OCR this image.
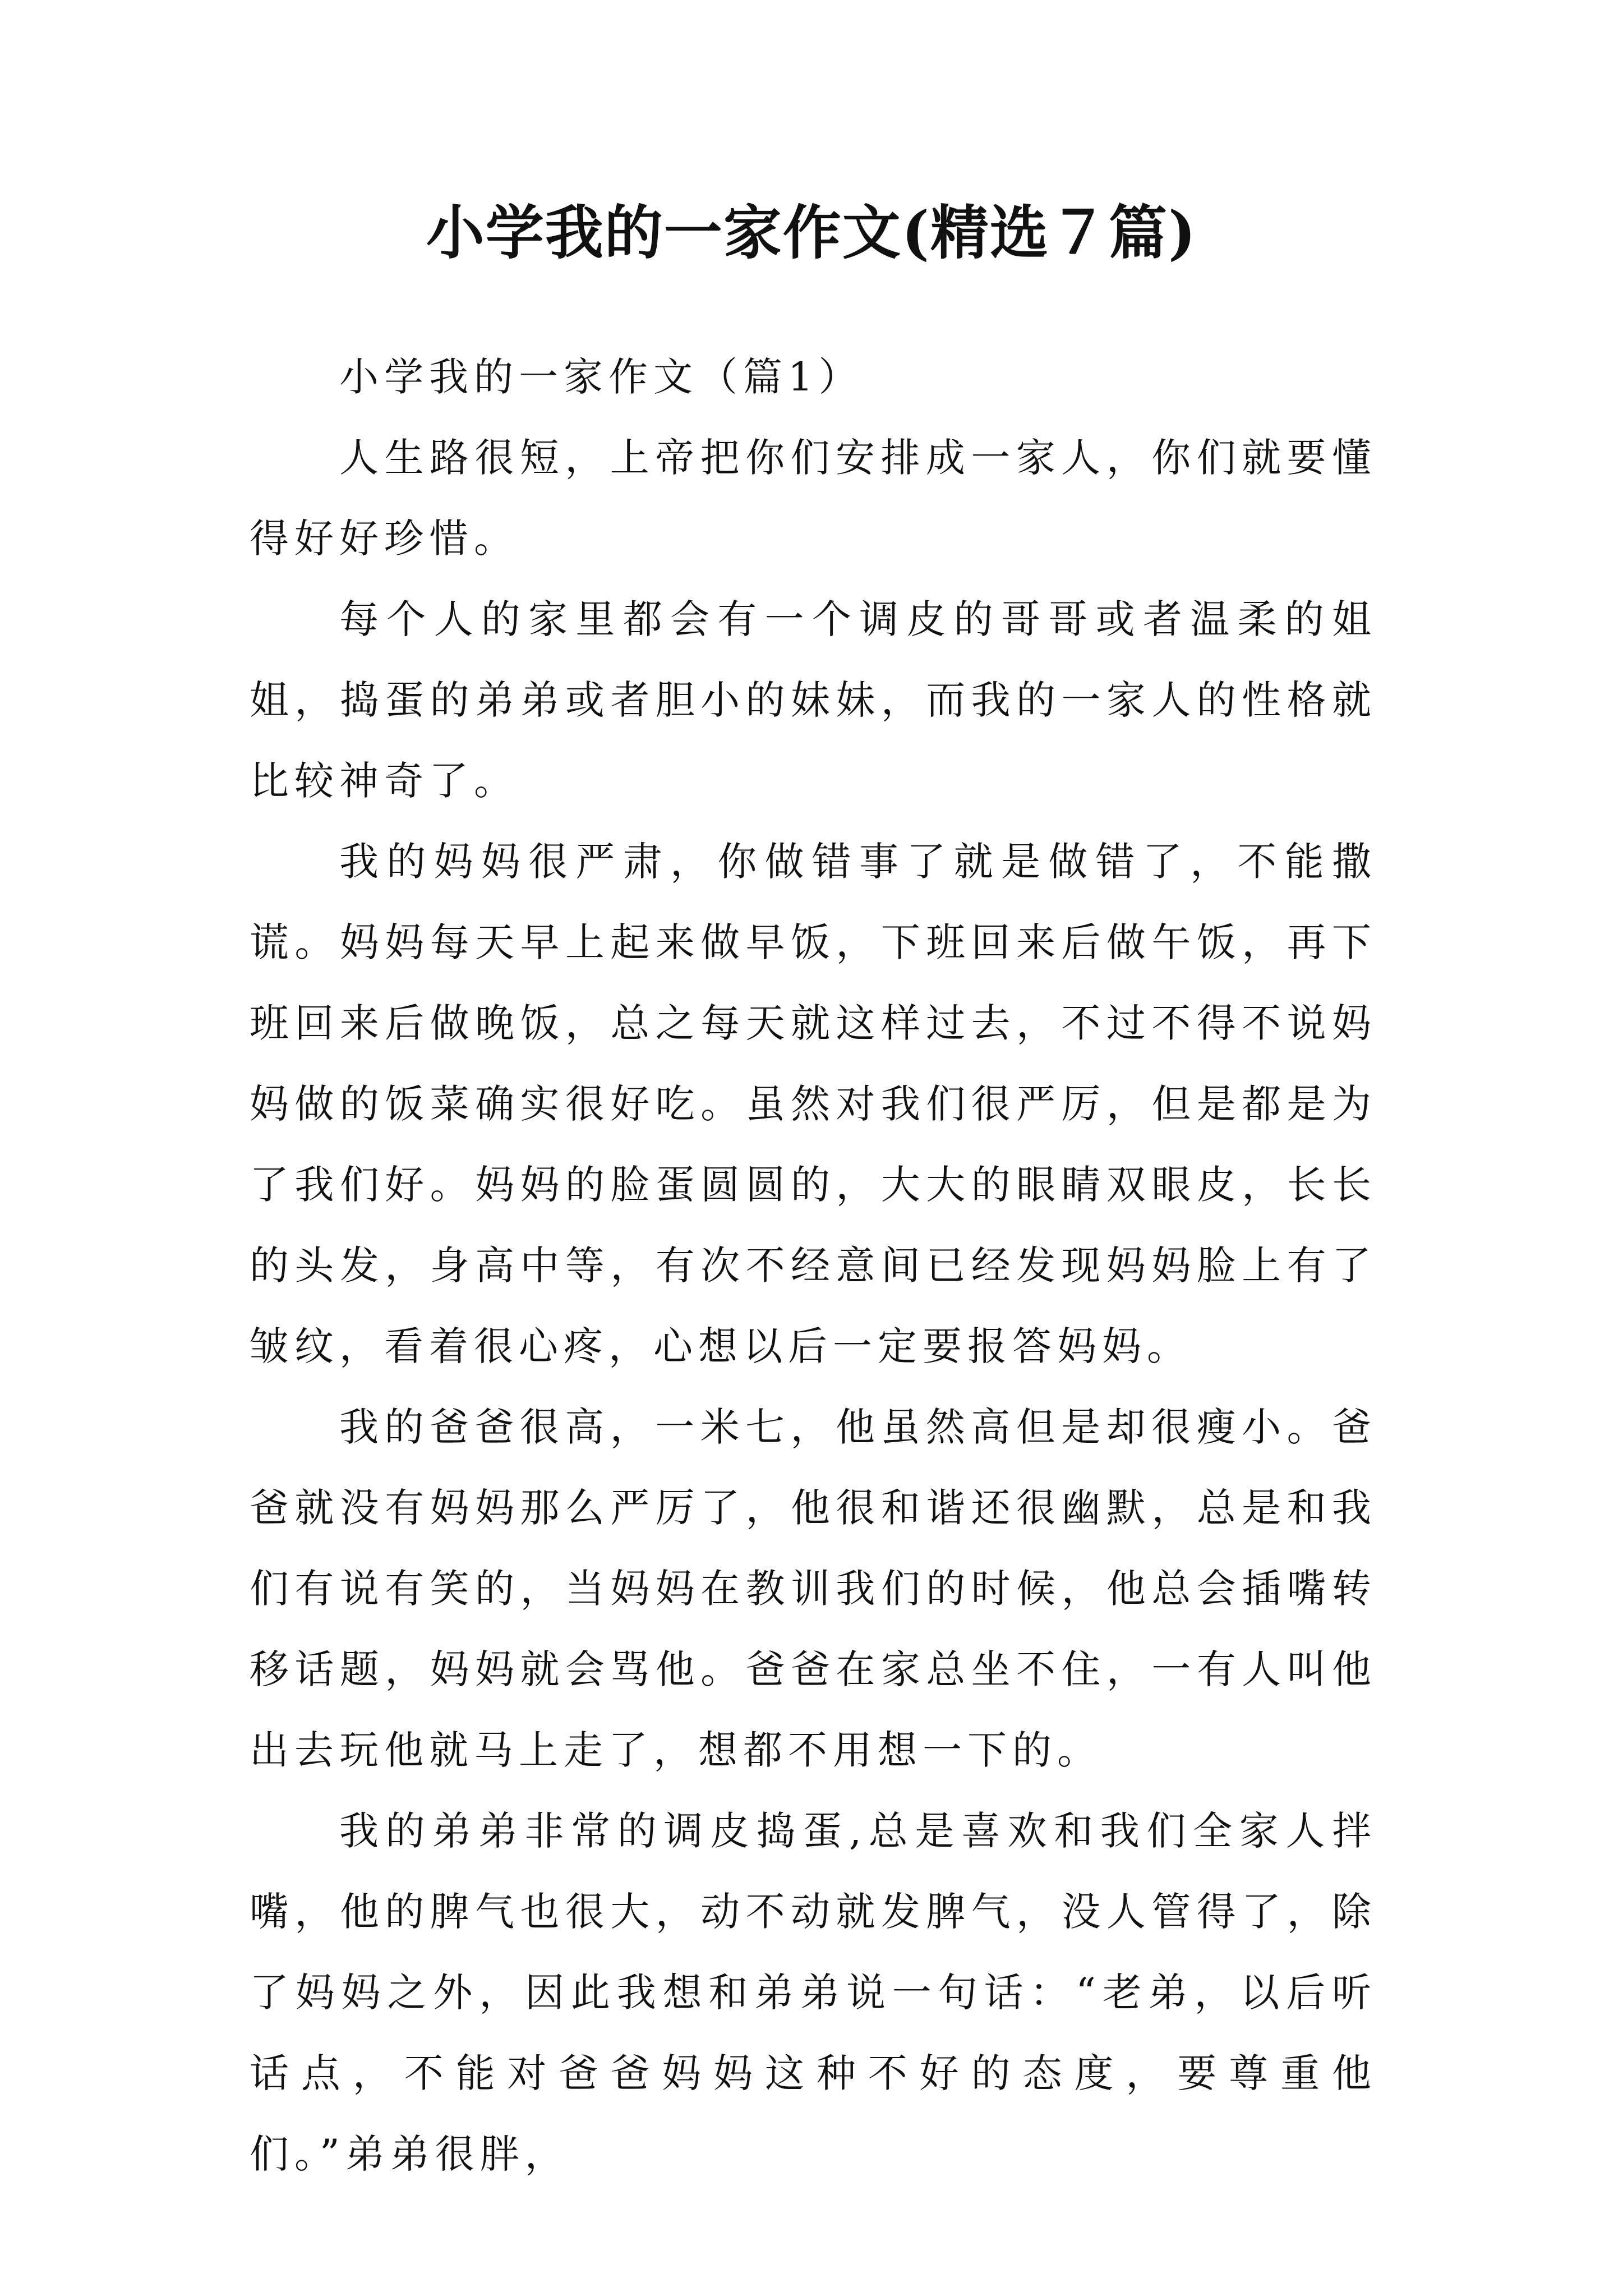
小学我的一家作文(精选７篇)

小学我的一家作文（篇1）

人生路很短，上帝把你们安排成一家人，你们就要懂得好好珍惜。

每个人的家里都会有一个调皮的哥哥或者温柔的姐姐，捣蛋的弟弟或者胆小的妹妹，而我的一家人的性格就比较神奇了。

我的妈妈很严肃，你做错事了就是做错了，不能撒谎。妈妈每天早上起来做早饭，下班回来后做午饭，再下班回来后做晚饭，总之每天就这样过去，不过不得不说妈妈做的饭菜确实很好吃。虽然对我们很严厉，但是都是为了我们好。妈妈的脸蛋圆圆的，大大的眼睛双眼皮，长长的头发，身高中等，有次不经意间已经发现妈妈脸上有了皱纹，看着很心疼，心想以后一定要报答妈妈。

我的爸爸很高，一米七，他虽然高但是却很瘦小。爸爸就没有妈妈那么严厉了，他很和谐还很幽默，总是和我们有说有笑的，当妈妈在教训我们的时候，他总会插嘴转移话题，妈妈就会骂他。爸爸在家总坐不住，一有人叫他出去玩他就马上走了，想都不用想一下的。

我的弟弟非常的调皮捣蛋,总是喜欢和我们全家人拌嘴，他的脾气也很大，动不动就发脾气，没人管得了，除了妈妈之外，因此我想和弟弟说一句话：“老弟，以后听话点，不能对爸爸妈妈这种不好的态度，要尊重他们。”弟弟很胖，
